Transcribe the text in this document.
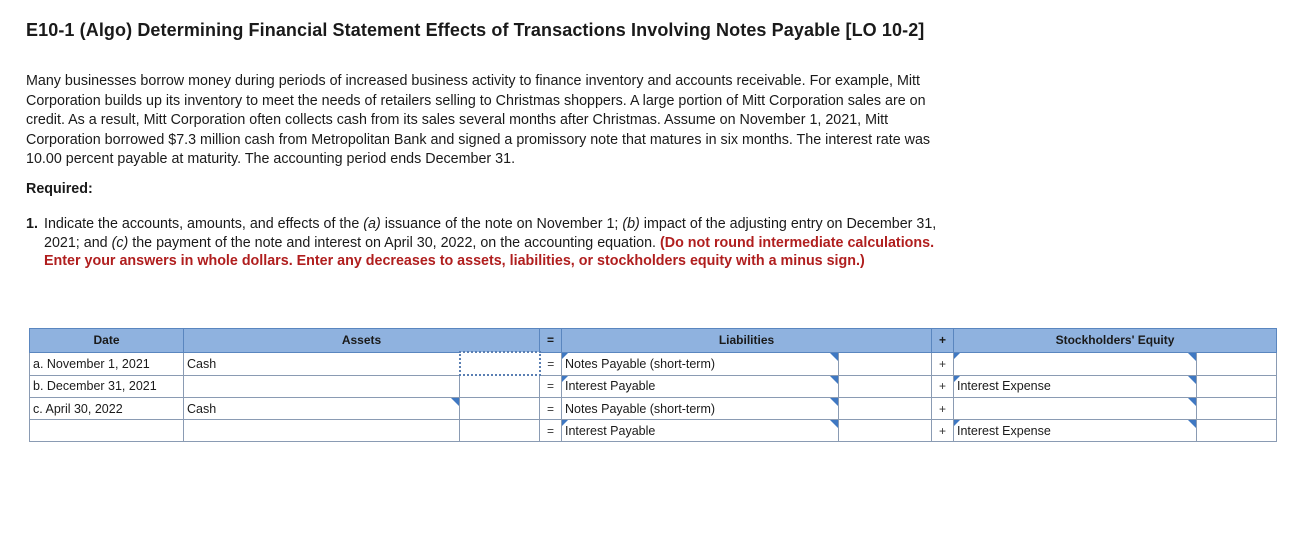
E10-1 (Algo) Determining Financial Statement Effects of Transactions Involving Notes Payable [LO 10-2]

Many businesses borrow money during periods of increased business activity to finance inventory and accounts receivable. For example, Mitt Corporation builds up its inventory to meet the needs of retailers selling to Christmas shoppers. A large portion of Mitt Corporation sales are on credit. As a result, Mitt Corporation often collects cash from its sales several months after Christmas. Assume on November 1, 2021, Mitt Corporation borrowed $7.3 million cash from Metropolitan Bank and signed a promissory note that matures in six months. The interest rate was 10.00 percent payable at maturity. The accounting period ends December 31.

Required:

1. Indicate the accounts, amounts, and effects of the (a) issuance of the note on November 1; (b) impact of the adjusting entry on December 31, 2021; and (c) the payment of the note and interest on April 30, 2022, on the accounting equation. (Do not round intermediate calculations. Enter your answers in whole dollars. Enter any decreases to assets, liabilities, or stockholders equity with a minus sign.)
Date	Assets		=	Liabilities		+	Stockholders' Equity	
a. November 1, 2021	Cash		=	Notes Payable (short-term)		+	

b. December 31, 2021			=	Interest Payable		+	Interest Expense

c. April 30, 2022	Cash		=	Notes Payable (short-term)		+	

			=	Interest Payable		+	Interest Expense
